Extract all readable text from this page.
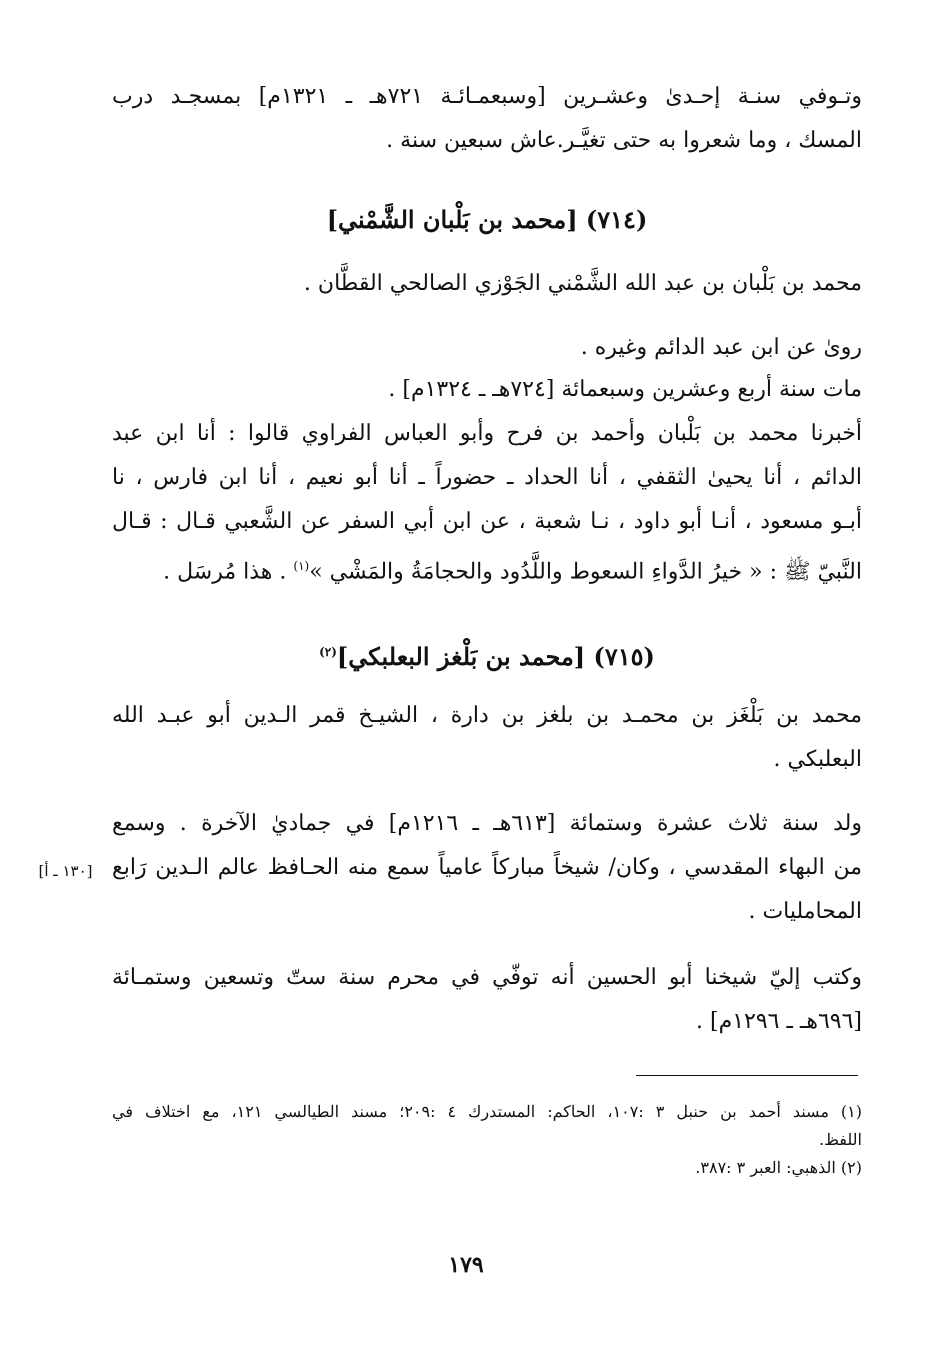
وتـوفي سنـة إحـدىٰ وعشـرين [وسبعمـائـة ٧٢١هـ ـ ١٣٢١م] بمسجـد درب
المسك ، وما شعروا به حتى تغيَّـر.عاش سبعين سنة .
(٧١٤) [محمد بن بَلْبان الشَّمْني]
محمد بن بَلْبان بن عبد الله الشَّمْني الجَوْزي الصالحي القطَّان .
روىٰ عن ابن عبد الدائم وغيره .
مات سنة أربع وعشرين وسبعمائة [٧٢٤هـ ـ ١٣٢٤م] .
أخبرنا محمد بن بَلْبان وأحمد بن فرح وأبو العباس الفراوي قالوا : أنا ابن عبد
الدائم ، أنا يحيىٰ الثقفي ، أنا الحداد ـ حضوراً ـ أنا أبو نعيم ، أنا ابن فارس ، نا
أبـو مسعود ، أنـا أبو داود ، نـا شعبة ، عن ابن أبي السفر عن الشَّعبي قـال : قـال
النَّبيّ ﷺ : « خيرُ الدَّواءِ السعوط واللَّدُود والحجامَةُ والمَشْي »$^{(١)}$ . هذا مُرسَل .
(٧١٥) [محمد بن بَلْغز البعلبكي]$^{(٢)}$
محمد بن بَلْغَز بن محمـد بن بلغز بن دارة ، الشيـخ قمر الـدين أبو عبـد الله
البعلبكي .
ولد سنة ثلاث عشرة وستمائة [٦١٣هـ ـ ١٢١٦م] في جماديٰ الآخرة . وسمع
من البهاء المقدسي ، وكان/ شيخاً مباركاً عامياً سمع منه الحـافظ عالم الـدين رَابع
المحامليات .
[١٣٠ ـ أ]
وكتب إليّ شيخنا أبو الحسين أنه توفّي في محرم سنة ستّ وتسعين وستمـائة
[٦٩٦هـ ـ ١٢٩٦م] .
(١) مسند أحمد بن حنبل ٣ :١٠٧، الحاكم: المستدرك ٤ :٢٠٩؛ مسند الطيالسي ١٢١، مع اختلاف في
اللفظ.
(٢) الذهبي: العبر ٣ :٣٨٧.
١٧٩
